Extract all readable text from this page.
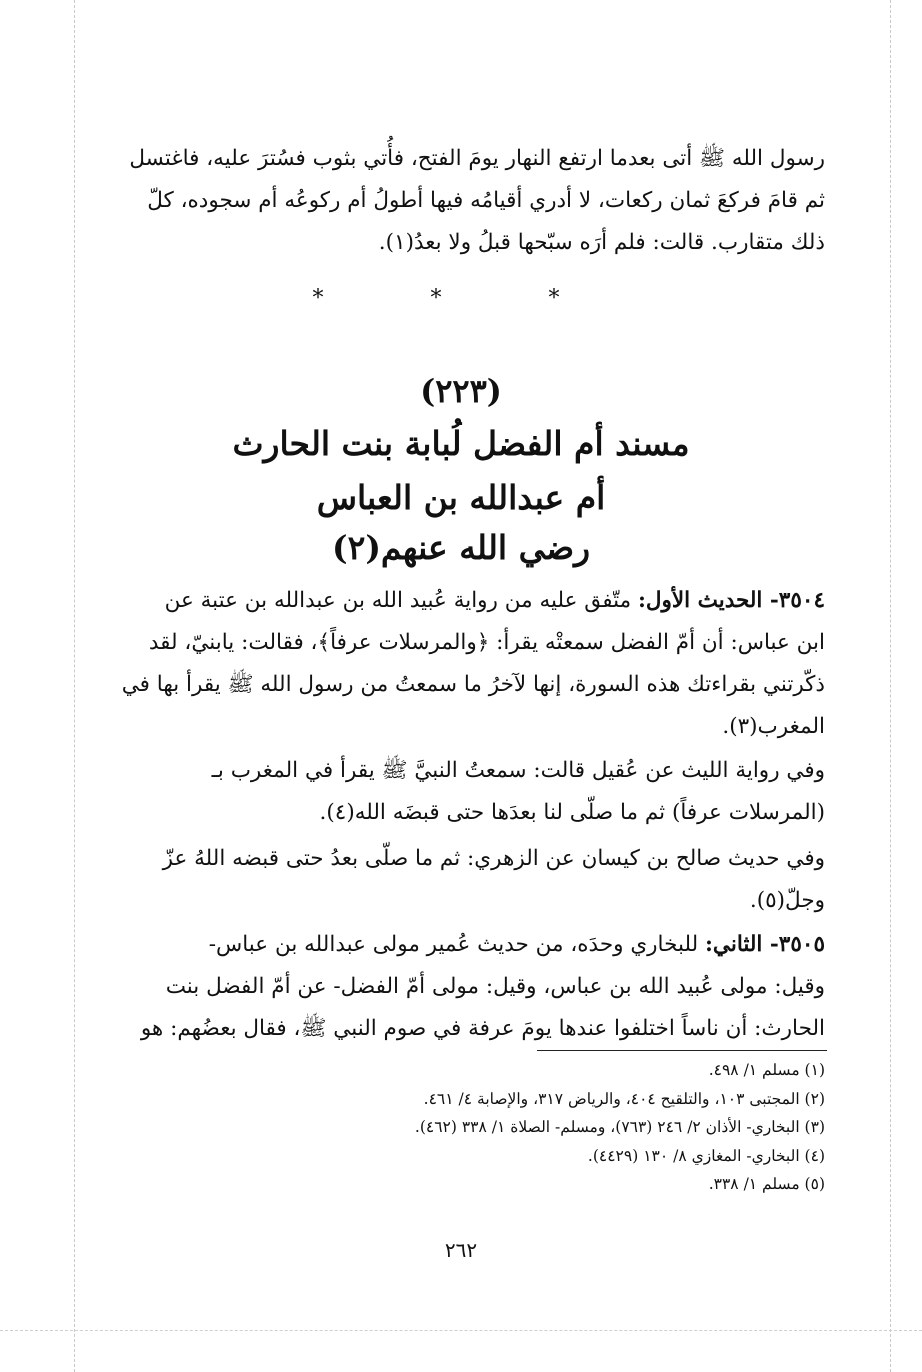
رسول الله ﷺ أتى بعدما ارتفع النهار يومَ الفتح، فأُتي بثوب فسُترَ عليه، فاغتسل

ثم قامَ فركعَ ثمان ركعات، لا أدري أقيامُه فيها أطولُ أم ركوعُه أم سجوده، كلّ

ذلك متقارب. قالت: فلم أرَه سبّحها قبلُ ولا بعدُ(١).

* * *
(٢٢٣)
مسند أم الفضل لُبابة بنت الحارث
أم عبدالله بن العباس
رضي الله عنهم(٢)

٣٥٠٤- الحديث الأول: متّفق عليه من رواية عُبيد الله بن عبدالله بن عتبة عن

ابن عباس: أن أمّ الفضل سمعتْه يقرأ: ﴿والمرسلات عرفاً﴾، فقالت: يابنيّ، لقد

ذكّرتني بقراءتك هذه السورة، إنها لآخرُ ما سمعتُ من رسول الله ﷺ يقرأ بها في

المغرب(٣).

وفي رواية الليث عن عُقيل قالت: سمعتُ النبيَّ ﷺ يقرأ في المغرب بـ

(المرسلات عرفاً) ثم ما صلّى لنا بعدَها حتى قبضَه الله(٤).

وفي حديث صالح بن كيسان عن الزهري: ثم ما صلّى بعدُ حتى قبضه اللهُ عزّ

وجلّ(٥).

٣٥٠٥- الثاني: للبخاري وحدَه، من حديث عُمير مولى عبدالله بن عباس-

وقيل: مولى عُبيد الله بن عباس، وقيل: مولى أمّ الفضل- عن أمّ الفضل بنت

الحارث: أن ناساً اختلفوا عندها يومَ عرفة في صوم النبي ﷺ، فقال بعضُهم: هو

(١) مسلم ١/ ٤٩٨.
(٢) المجتبى ١٠٣، والتلقيح ٤٠٤، والرياض ٣١٧، والإصابة ٤/ ٤٦١.
(٣) البخاري- الأذان ٢/ ٢٤٦ (٧٦٣)، ومسلم- الصلاة ١/ ٣٣٨ (٤٦٢).
(٤) البخاري- المغازي ٨/ ١٣٠ (٤٤٢٩).
(٥) مسلم ١/ ٣٣٨.
٢٦٢
